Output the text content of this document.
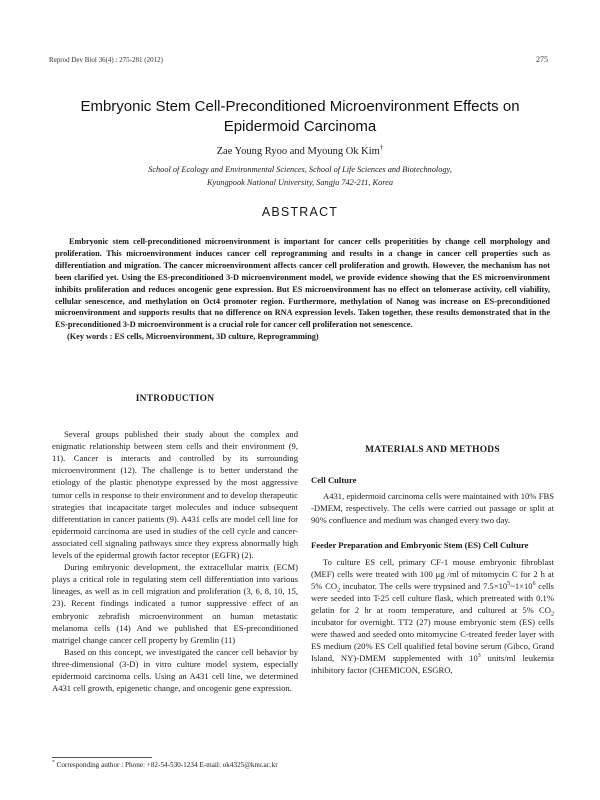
Reprod Dev Biol 36(4) : 275-281 (2012)	275
Embryonic Stem Cell-Preconditioned Microenvironment Effects on
Epidermoid Carcinoma
Zae Young Ryoo and Myoung Ok Kim†
School of Ecology and Environmental Sciences, School of Life Sciences and Biotechnology,
Kyungpook National University, Sangju 742-211, Korea
ABSTRACT

Embryonic stem cell-preconditioned microenvironment is important for cancer cells properitities by change cell morphology and proliferation. This microenvironment induces cancer cell reprogramming and results in a change in cancer cell properties such as differentiation and migration. The cancer microenvironment affects cancer cell proliferation and growth. However, the mechanism has not been clarified yet. Using the ES-preconditioned 3-D microenvironment model, we provide evidence showing that the ES microenvironment inhibits proliferation and reduces oncogenic gene expression. But ES microenvironment has no effect on telomerase activity, cell viability, cellular senescence, and methylation on Oct4 promoter region. Furthermore, methylation of Nanog was increase on ES-preconditioned microenvironment and supports results that no difference on RNA expression levels. Taken together, these results demonstrated that in the ES-preconditioned 3-D microenvironment is a crucial role for cancer cell proliferation not senescence.

(Key words : ES cells, Microenvironment, 3D culture, Reprogramming)

INTRODUCTION

Several groups published their study about the complex and enigmatic relationship between stem cells and their environment (9, 11). Cancer is interacts and controlled by its surrounding microenvironment (12). The challenge is to better understand the etiology of the plastic phenotype expressed by the most aggressive tumor cells in response to their environment and to develop therapeutic strategies that incapacitate target molecules and induce subsequent differentiation in cancer patients (9). A431 cells are model cell line for epidermoid carcinoma are used in studies of the cell cycle and cancer-associated cell signaling pathways since they express abnormally high levels of the epidermal growth factor receptor (EGFR) (2).

During embryonic development, the extracellular matrix (ECM) plays a critical role in regulating stem cell differentiation into various lineages, as well as in cell migration and proliferation (3, 6, 8, 10, 15, 23). Recent findings indicated a tumor suppressive effect of an embryonic zebrafish microenvironment on human metastatic melanoma cells (14) And we published that ES-preconditioned matrigel change cancer cell property by Gremlin (11)

Based on this concept, we investigated the cancer cell behavior by three-dimensional (3-D) in vitro culture model system, especially epidermoid carcinoma cells. Using an A431 cell line, we determined A431 cell growth, epigenetic change, and oncogenic gene expression.

MATERIALS AND METHODS
Cell Culture

A431, epidermoid carcinoma cells were maintained with 10% FBS -DMEM, respectively. The cells were carried out passage or split at 90% confluence and medium was changed every two day.

Feeder Preparation and Embryonic Stem (ES) Cell Culture

To culture ES cell, primary CF-1 mouse embryonic fibroblast (MEF) cells were treated with 100 μg /ml of mitomycin C for 2 h at 5% $CO_2$ incubator. The cells were trypsined and $7.5\times 10^5\sim 1\times 10^6$ cells were seeded into T-25 cell culture flask, which pretreated with 0.1% gelatin for 2 hr at room temperature, and cultured at 5% $CO_2$ incubator for overnight. TT2 (27) mouse embryonic stem (ES) cells were thawed and seeded onto mitomycine C-treated feeder layer with ES medium (20% ES Cell qualified fetal bovine serum (Gibco, Grand Island, NY)-DMEM supplemented with $10^3$ units/ml leukemia inhibitory factor (CHEMICON, ESGRO,

* Corresponding author : Phone: +82-54-530-1234 E-mail: ok4325@knu.ac.kr
